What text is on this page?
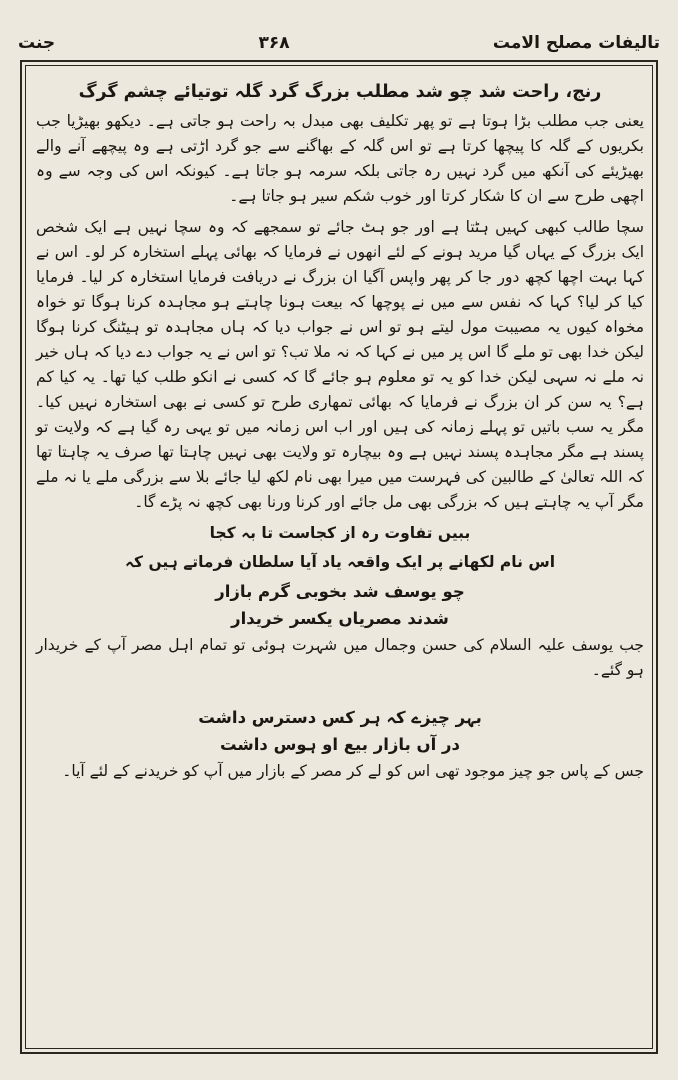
جنت	۳۶۸	تالیفات مصلح الامت
رنج، راحت شد چو شد مطلب بزرگ گرد گلہ توتیائے چشم گرگ

یعنی جب مطلب بڑا ہوتا ہے تو پھر تکلیف بھی مبدل بہ راحت ہو جاتی ہے۔ دیکھو بھیڑیا جب بکریوں کے گلہ کا پیچھا کرتا ہے تو اس گلہ کے بھاگنے سے جو گرد اڑتی ہے وہ پیچھے آنے والے بھیڑیئے کی آنکھ میں گرد نہیں رہ جاتی بلکہ سرمہ ہو جاتا ہے۔ کیونکہ اس کی وجہ سے وہ اچھی طرح سے ان کا شکار کرتا اور خوب شکم سیر ہو جاتا ہے۔

سچا طالب کبھی کہیں ہٹتا ہے اور جو ہٹ جائے تو سمجھے کہ وہ سچا نہیں ہے ایک شخص ایک بزرگ کے یہاں گیا مرید ہونے کے لئے انھوں نے فرمایا کہ بھائی پہلے استخارہ کر لو۔ اس نے کہا بہت اچھا کچھ دور جا کر پھر واپس آگیا ان بزرگ نے دریافت فرمایا استخارہ کر لیا۔ فرمایا کیا کر لیا؟ کہا کہ نفس سے میں نے پوچھا کہ بیعت ہونا چاہتے ہو مجاہدہ کرنا ہوگا تو خواہ مخواہ کیوں یہ مصیبت مول لیتے ہو تو اس نے جواب دیا کہ ہاں مجاہدہ تو ہیٹنگ کرنا ہوگا لیکن خدا بھی تو ملے گا اس پر میں نے کہا کہ نہ ملا تب؟ تو اس نے یہ جواب دے دیا کہ ہاں خیر نہ ملے نہ سہی لیکن خدا کو یہ تو معلوم ہو جائے گا کہ کسی نے انکو طلب کیا تھا۔ یہ کیا کم ہے؟ یہ سن کر ان بزرگ نے فرمایا کہ بھائی تمھاری طرح تو کسی نے بھی استخارہ نہیں کیا۔ مگر یہ سب باتیں تو پہلے زمانہ کی ہیں اور اب اس زمانہ میں تو یہی رہ گیا ہے کہ ولایت تو پسند ہے مگر مجاہدہ پسند نہیں ہے وہ بیچارہ تو ولایت بھی نہیں چاہتا تھا صرف یہ چاہتا تھا کہ اللہ تعالیٰ کے طالبین کی فہرست میں میرا بھی نام لکھ لیا جائے بلا سے بزرگی ملے یا نہ ملے مگر آپ یہ چاہتے ہیں کہ بزرگی بھی مل جائے اور کرنا ورنا بھی کچھ نہ پڑے گا۔

ببیں تفاوت رہ از کجاست تا بہ کجا
اس نام لکھانے پر ایک واقعہ یاد آیا سلطان فرماتے ہیں کہ
چو یوسف شد بخوبی گرم بازار
شدند مصریاں یکسر خریدار

جب یوسف علیہ السلام کی حسن وجمال میں شہرت ہوئی تو تمام اہل مصر آپ کے خریدار ہو گئے۔

بہر چیزے کہ ہر کس دسترس داشت
در آں بازار بیع او ہوس داشت

جس کے پاس جو چیز موجود تھی اس کو لے کر مصر کے بازار میں آپ کو خریدنے کے لئے آیا۔
